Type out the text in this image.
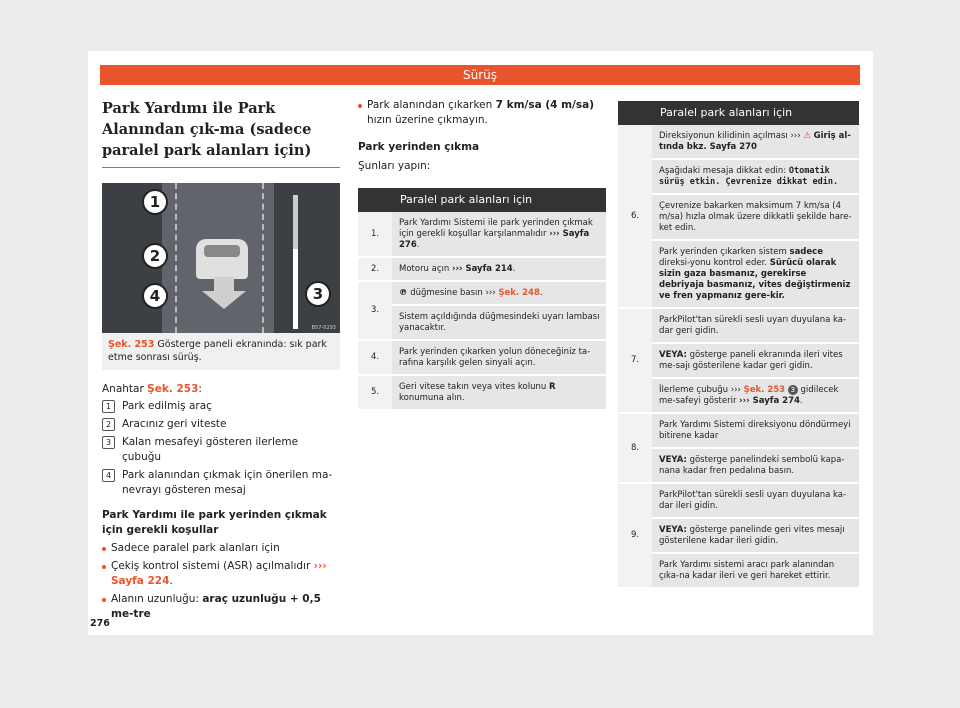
Sürüş
Park Yardımı ile Park Alanından çık-ma (sadece paralel park alanları için)
1
2
3
4
B57-0293
Şek. 253 Gösterge paneli ekranında: sık park etme sonrası sürüş.

Anahtar Şek. 253:

1	Park edilmiş araç
2	Aracınız geri viteste
3	Kalan mesafeyi gösteren ilerleme çubuğu
4	Park alanından çıkmak için önerilen ma-nevrayı gösteren mesaj
Park Yardımı ile park yerinden çıkmak için gerekli koşullar
Sadece paralel park alanları için
Çekiş kontrol sistemi (ASR) açılmalıdır ››› Sayfa 224.
Alanın uzunluğu: araç uzunluğu + 0,5 me-tre
Park alanından çıkarken 7 km/sa (4 m/sa) hızın üzerine çıkmayın.
Park yerinden çıkma

Şunları yapın:

	Paralel park alanları için
1.	Park Yardımı Sistemi ile park yerinden çıkmak için gerekli koşullar karşılanmalıdır ››› Sayfa 276.
2.	Motoru açın ››› Sayfa 214.
3.	℗ düğmesine basın ››› Şek. 248.
	Sistem açıldığında düğmesindeki uyarı lambası yanacaktır.
4.	Park yerinden çıkarken yolun döneceğiniz ta-rafına karşılık gelen sinyali açın.
5.	Geri vitese takın veya vites kolunu R konumuna alın.
	Paralel park alanları için
6.	Direksiyonun kilidinin açılması ››› ⚠ Giriş al-tında bkz. Sayfa 270
	Aşağıdaki mesaja dikkat edin: Otomatik sürüş etkin. Çevrenize dikkat edin.
	Çevrenize bakarken maksimum 7 km/sa (4 m/sa) hızla olmak üzere dikkatli şekilde hare-ket edin.
	Park yerinden çıkarken sistem sadece direksi-yonu kontrol eder. Sürücü olarak sizin gaza basmanız, gerekirse debriyaja basmanız, vites değiştirmeniz ve fren yapmanız gere-kir.
7.	ParkPilot'tan sürekli sesli uyarı duyulana ka-dar geri gidin.
	VEYA: gösterge paneli ekranında ileri vites me-sajı gösterilene kadar geri gidin.
	İlerleme çubuğu ››› Şek. 253 3 gidilecek me-safeyi gösterir ››› Sayfa 274.
8.	Park Yardımı Sistemi direksiyonu döndürmeyi bitirene kadar
	VEYA: gösterge panelindeki sembolü kapa-nana kadar fren pedalına basın.
9.	ParkPilot'tan sürekli sesli uyarı duyulana ka-dar ileri gidin.
	VEYA: gösterge panelinde geri vites mesajı gösterilene kadar ileri gidin.
	Park Yardımı sistemi aracı park alanından çıka-na kadar ileri ve geri hareket ettirir.
276
